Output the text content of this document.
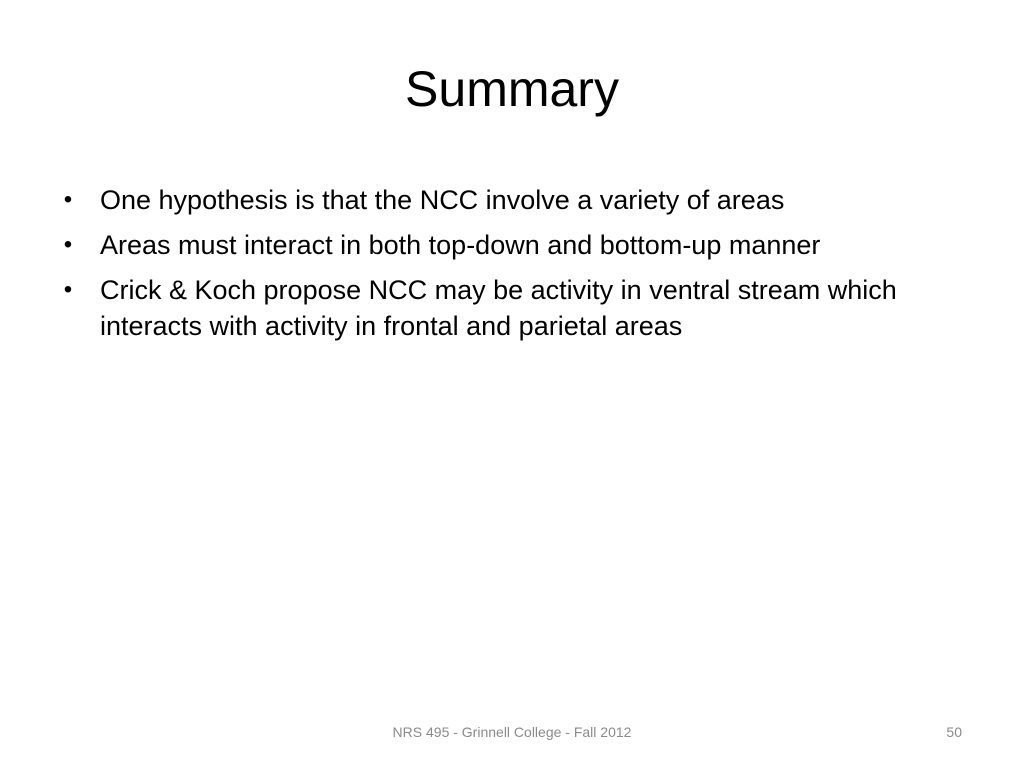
Summary
• One hypothesis is that the NCC involve a variety of areas
• Areas must interact in both top-down and bottom-up manner
• Crick & Koch propose NCC may be activity in ventral stream which interacts with activity in frontal and parietal areas
NRS 495 - Grinnell College - Fall 2012	50
